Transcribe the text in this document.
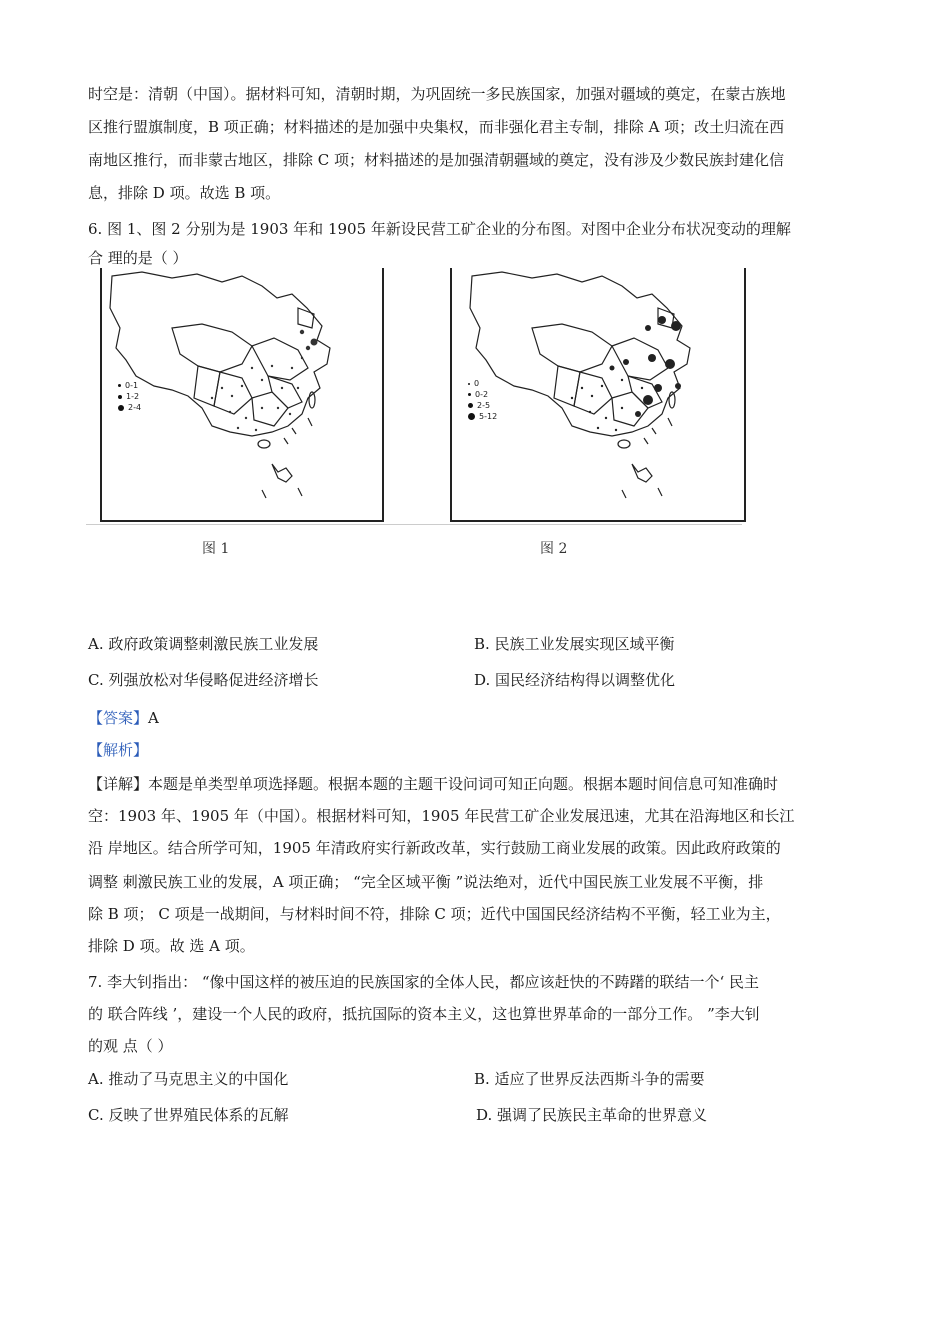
时空是：清朝（中国）。据材料可知，清朝时期，为巩固统一多民族国家，加强对疆域的奠定，在蒙古族地
区推行盟旗制度，B 项正确；材料描述的是加强中央集权，而非强化君主专制，排除 A 项；改土归流在西
南地区推行，而非蒙古地区，排除 C 项；材料描述的是加强清朝疆域的奠定，没有涉及少数民族封建化信
息，排除 D 项。故选 B 项。
6. 图 1、图 2 分别为是 1903 年和 1905 年新设民营工矿企业的分布图。对图中企业分布状况变动的理解
合 理的是（ ）
0-1
1-2
2-4
0
0-2
2-5
5-12
图 1	图 2
A. 政府政策调整刺激民族工业发展	B. 民族工业发展实现区域平衡
C. 列强放松对华侵略促进经济增长	D. 国民经济结构得以调整优化
【答案】A
【解析】
【详解】本题是单类型单项选择题。根据本题的主题干设问词可知正向题。根据本题时间信息可知准确时
空：1903 年、1905 年（中国）。根据材料可知，1905 年民营工矿企业发展迅速，尤其在沿海地区和长江
沿 岸地区。结合所学可知，1905 年清政府实行新政改革，实行鼓励工商业发展的政策。因此政府政策的
调整 刺激民族工业的发展，A 项正确； “完全区域平衡 ”说法绝对，近代中国民族工业发展不平衡，排
除 B 项； C 项是一战期间，与材料时间不符，排除 C 项；近代中国国民经济结构不平衡，轻工业为主，
排除 D 项。故 选 A 项。
7. 李大钊指出： “像中国这样的被压迫的民族国家的全体人民，都应该赶快的不踌躇的联结一个‘ 民主
的 联合阵线 ’，建设一个人民的政府，抵抗国际的资本主义，这也算世界革命的一部分工作。 ”李大钊
的观 点（ ）
A. 推动了马克思主义的中国化	B. 适应了世界反法西斯斗争的需要
C. 反映了世界殖民体系的瓦解	D. 强调了民族民主革命的世界意义
